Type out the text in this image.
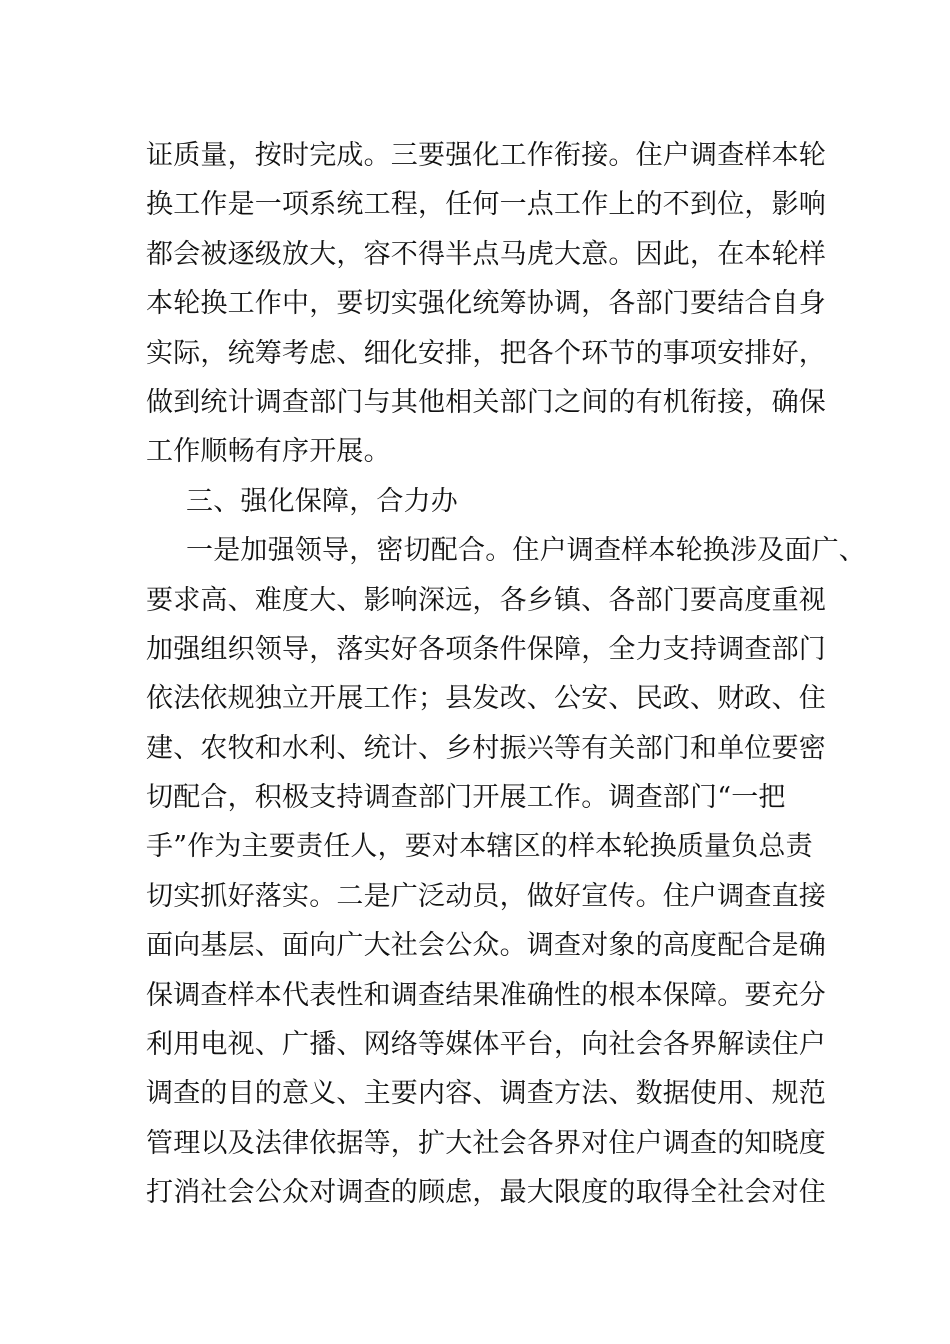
证质量，按时完成。三要强化工作衔接。住户调查样本轮
换工作是一项系统工程，任何一点工作上的不到位，影响
都会被逐级放大，容不得半点马虎大意。因此，在本轮样
本轮换工作中，要切实强化统筹协调，各部门要结合自身
实际，统筹考虑、细化安排，把各个环节的事项安排好，
做到统计调查部门与其他相关部门之间的有机衔接，确保
工作顺畅有序开展。
三、强化保障，合力办
一是加强领导，密切配合。住户调查样本轮换涉及面广、
要求高、难度大、影响深远，各乡镇、各部门要高度重视
加强组织领导，落实好各项条件保障，全力支持调查部门
依法依规独立开展工作；县发改、公安、民政、财政、住
建、农牧和水利、统计、乡村振兴等有关部门和单位要密
切配合，积极支持调查部门开展工作。调查部门“一把
手”作为主要责任人，要对本辖区的样本轮换质量负总责
切实抓好落实。二是广泛动员，做好宣传。住户调查直接
面向基层、面向广大社会公众。调查对象的高度配合是确
保调查样本代表性和调查结果准确性的根本保障。要充分
利用电视、广播、网络等媒体平台，向社会各界解读住户
调查的目的意义、主要内容、调查方法、数据使用、规范
管理以及法律依据等，扩大社会各界对住户调查的知晓度
打消社会公众对调查的顾虑，最大限度的取得全社会对住
